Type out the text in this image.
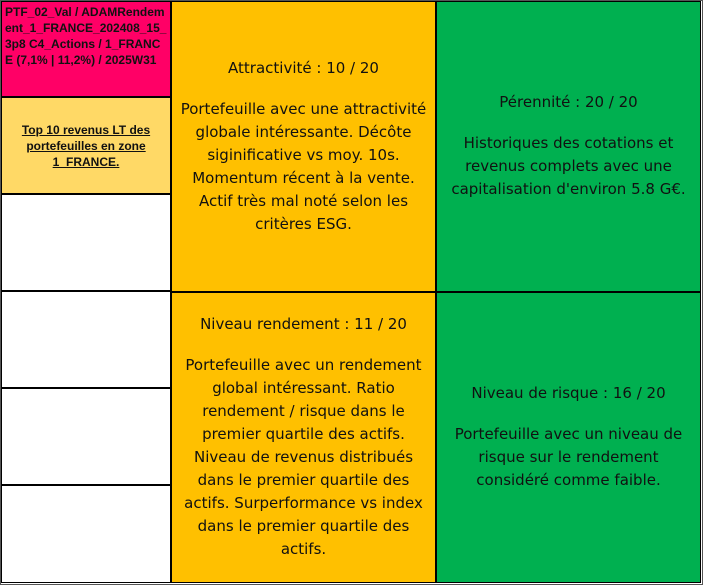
PTF_02_Val / ADAMRendement_1_FRANCE_202408_15_3p8 C4_Actions / 1_FRANCE (7,1% | 11,2%) / 2025W31
Top 10 revenus LT des portefeuilles en zone 1_FRANCE.
Attractivité : 10 / 20
Portefeuille avec une attractivité globale intéressante. Décôte siginificative vs moy. 10s. Momentum récent à la vente. Actif très mal noté selon les critères ESG.
Pérennité : 20 / 20
Historiques des cotations et revenus complets avec une capitalisation d'environ 5.8 G€.
Niveau rendement : 11 / 20
Portefeuille avec un rendement global intéressant. Ratio rendement / risque dans le premier quartile des actifs. Niveau de revenus distribués dans le premier quartile des actifs. Surperformance vs index dans le premier quartile des actifs.
Niveau de risque : 16 / 20
Portefeuille avec un niveau de risque sur le rendement considéré comme faible.
